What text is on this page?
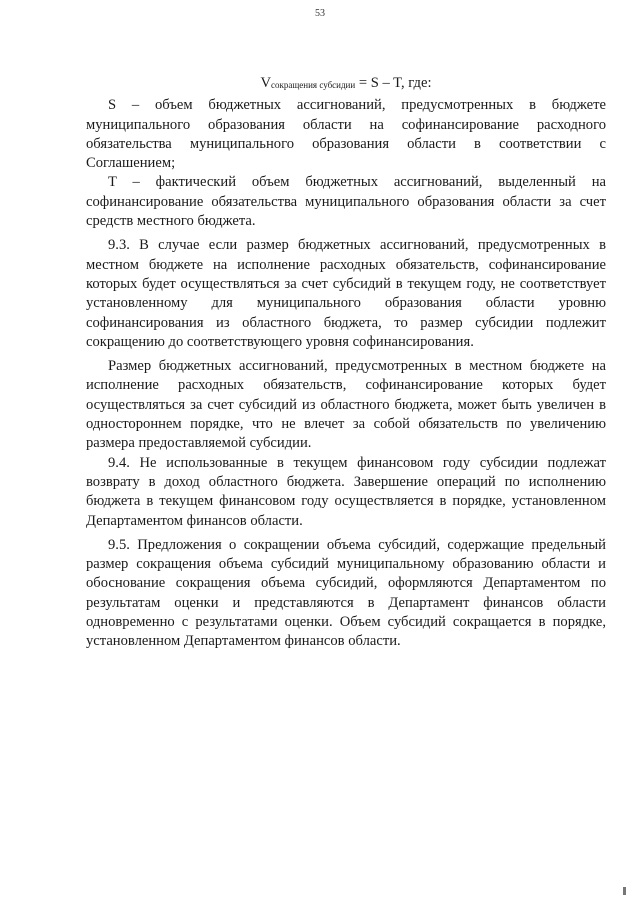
53
Vсокращения субсидии = S – T, где:

S – объем бюджетных ассигнований, предусмотренных в бюджете муниципального образования области на софинансирование расходного обязательства муниципального образования области в соответствии с Соглашением;

T – фактический объем бюджетных ассигнований, выделенный на софинансирование обязательства муниципального образования области за счет средств местного бюджета.

9.3. В случае если размер бюджетных ассигнований, предусмотренных в местном бюджете на исполнение расходных обязательств, софинансирование которых будет осуществляться за счет субсидий в текущем году, не соответствует установленному для муниципального образования области уровню софинансирования из областного бюджета, то размер субсидии подлежит сокращению до соответствующего уровня софинансирования.

Размер бюджетных ассигнований, предусмотренных в местном бюджете на исполнение расходных обязательств, софинансирование которых будет осуществляться за счет субсидий из областного бюджета, может быть увеличен в одностороннем порядке, что не влечет за собой обязательств по увеличению размера предоставляемой субсидии.

9.4. Не использованные в текущем финансовом году субсидии подлежат возврату в доход областного бюджета. Завершение операций по исполнению бюджета в текущем финансовом году осуществляется в порядке, установленном Департаментом финансов области.

9.5. Предложения о сокращении объема субсидий, содержащие предельный размер сокращения объема субсидий муниципальному образованию области и обоснование сокращения объема субсидий, оформляются Департаментом по результатам оценки и представляются в Департамент финансов области одновременно с результатами оценки. Объем субсидий сокращается в порядке, установленном Департаментом финансов области.
